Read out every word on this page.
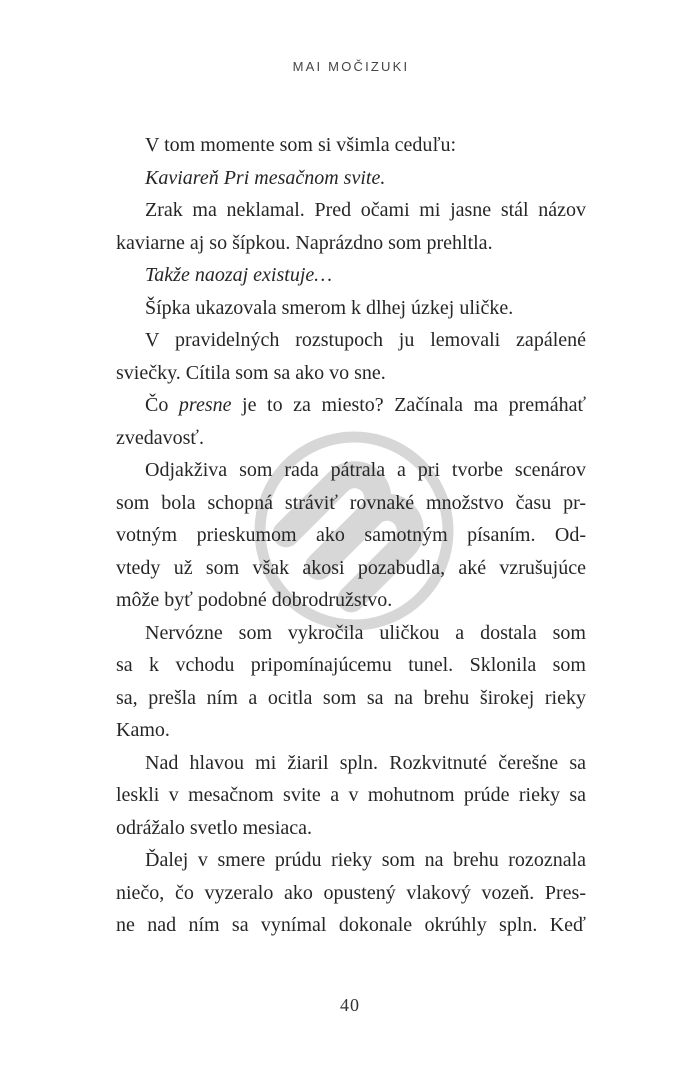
MAI MOČIZUKI
V tom momente som si všimla ceduľu:
Kaviareň Pri mesačnom svite.
Zrak ma neklamal. Pred očami mi jasne stál názov
kaviarne aj so šípkou. Naprázdno som prehltla.
Takže naozaj existuje…
Šípka ukazovala smerom k dlhej úzkej uličke.
V pravidelných rozstupoch ju lemovali zapálené
sviečky. Cítila som sa ako vo sne.
Čo presne je to za miesto? Začínala ma premáhať
zvedavosť.
Odjakživa som rada pátrala a pri tvorbe scenárov
som bola schopná stráviť rovnaké množstvo času pr-
votným prieskumom ako samotným písaním. Od-
vtedy už som však akosi pozabudla, aké vzrušujúce
môže byť podobné dobrodružstvo.
Nervózne som vykročila uličkou a dostala som
sa k vchodu pripomínajúcemu tunel. Sklonila som
sa, prešla ním a ocitla som sa na brehu širokej rieky
Kamo.
Nad hlavou mi žiaril spln. Rozkvitnuté čerešne sa
leskli v mesačnom svite a v mohutnom prúde rieky sa
odrážalo svetlo mesiaca.
Ďalej v smere prúdu rieky som na brehu rozoznala
niečo, čo vyzeralo ako opustený vlakový vozeň. Pres-
ne nad ním sa vynímal dokonale okrúhly spln. Keď
40
